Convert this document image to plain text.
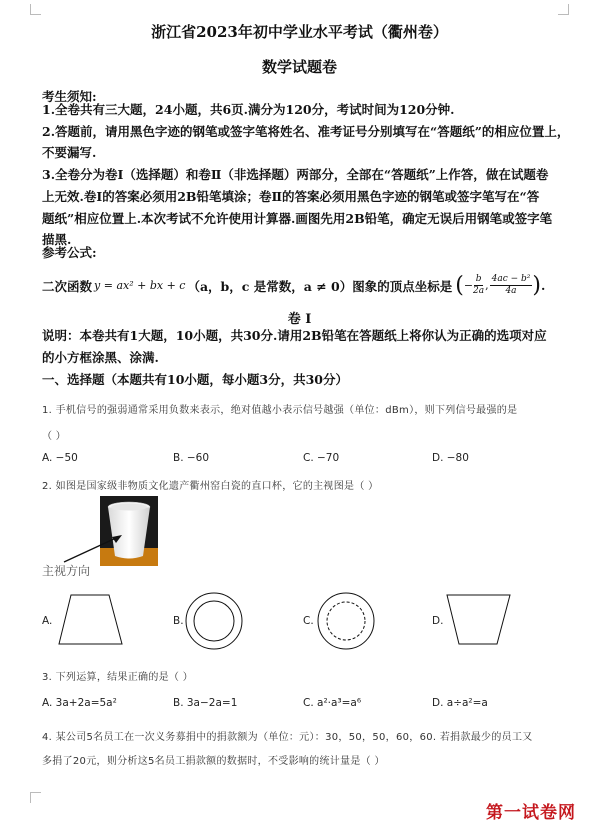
浙江省2023年初中学业水平考试（衢州卷）
数学试题卷
考生须知:
1.全卷共有三大题，24小题，共6页.满分为120分，考试时间为120分钟.
2.答题前，请用黑色字迹的钢笔或签字笔将姓名、准考证号分别填写在“答题纸”的相应位置上，
不要漏写.
3.全卷分为卷Ⅰ（选择题）和卷Ⅱ（非选择题）两部分，全部在“答题纸”上作答，做在试题卷
上无效.卷Ⅰ的答案必须用2B铅笔填涂；卷Ⅱ的答案必须用黑色字迹的钢笔或签字笔写在“答
题纸”相应位置上.本次考试不允许使用计算器.画图先用2B铅笔，确定无误后用钢笔或签字笔
描黑.
参考公式:
二次函数 y = ax² + bx + c （a，b，c 是常数，a ≠ 0）图象的顶点坐标是 ( − $\frac{b}{2a}$ , $\frac{\text{4ac − b²}}{4a}$ ) .
卷 I
说明：本卷共有1大题，10小题，共30分.请用2B铅笔在答题纸上将你认为正确的选项对应
的小方框涂黑、涂满.
一、选择题（本题共有10小题，每小题3分，共30分）
1. 手机信号的强弱通常采用负数来表示，绝对值越小表示信号越强（单位：dBm），则下列信号最强的是
（ ）
A. −50	B. −60	C. −70	D. −80
2. 如图是国家级非物质文化遗产衢州窑白瓷的直口杯，它的主视图是（ ）
主视方向
A.	B.	C.	D.
3. 下列运算，结果正确的是（ ）
A. 3a+2a=5a²	B. 3a−2a=1	C. a²·a³=a⁶	D. a÷a²=a
4. 某公司5名员工在一次义务募捐中的捐款额为（单位：元）：30，50，50，60，60. 若捐款最少的员工又
多捐了20元，则分析这5名员工捐款额的数据时，不受影响的统计量是（ ）
第一试卷网
